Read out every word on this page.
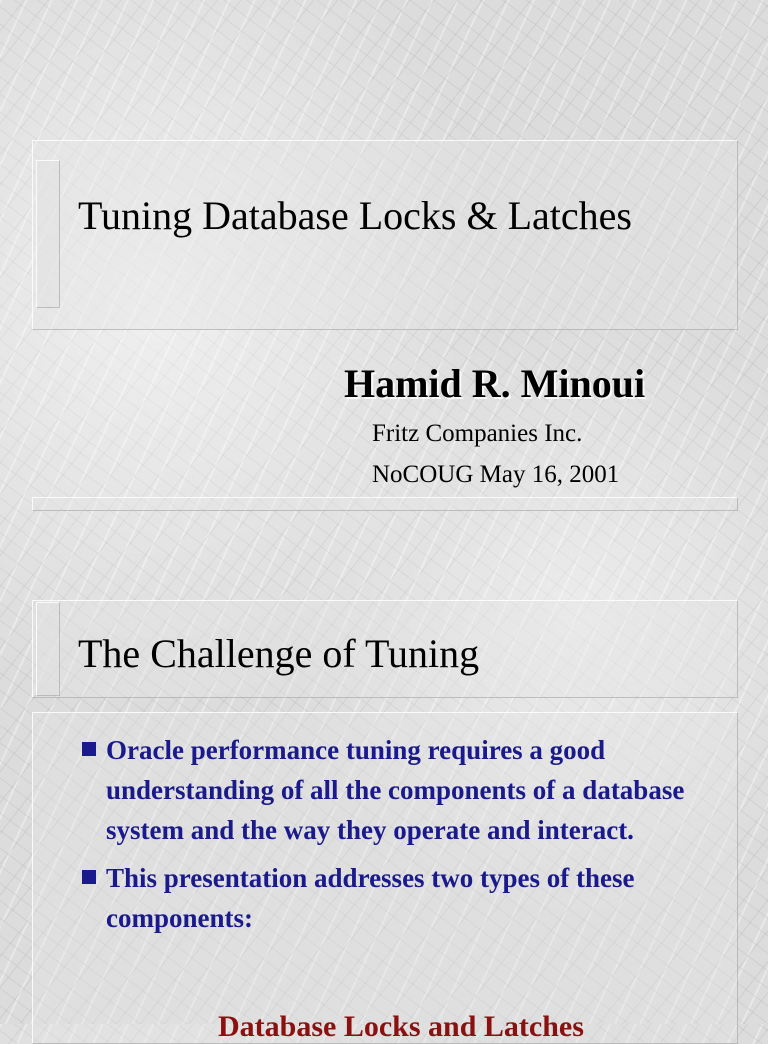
Tuning Database Locks & Latches
Hamid R. Minoui
Fritz Companies Inc.
NoCOUG May 16, 2001
The Challenge of Tuning
Oracle performance tuning requires a good understanding of all the components of a database system and the way they operate and interact.
This presentation addresses two types of these components:
Database Locks and Latches
